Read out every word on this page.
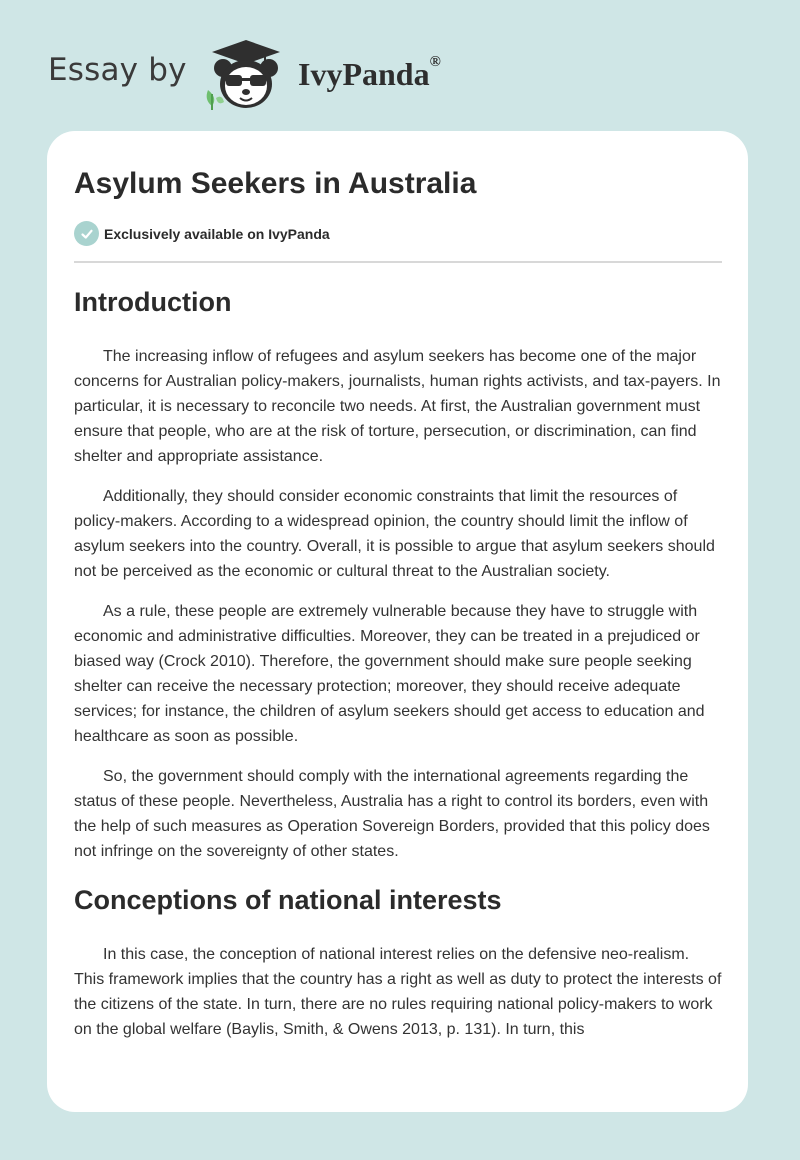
Essay by	IvyPanda®
Asylum Seekers in Australia
Exclusively available on IvyPanda
Introduction

The increasing inflow of refugees and asylum seekers has become one of the major concerns for Australian policy-makers, journalists, human rights activists, and tax-payers. In particular, it is necessary to reconcile two needs. At first, the Australian government must ensure that people, who are at the risk of torture, persecution, or discrimination, can find shelter and appropriate assistance.

Additionally, they should consider economic constraints that limit the resources of policy-makers. According to a widespread opinion, the country should limit the inflow of asylum seekers into the country. Overall, it is possible to argue that asylum seekers should not be perceived as the economic or cultural threat to the Australian society.

As a rule, these people are extremely vulnerable because they have to struggle with economic and administrative difficulties. Moreover, they can be treated in a prejudiced or biased way (Crock 2010). Therefore, the government should make sure people seeking shelter can receive the necessary protection; moreover, they should receive adequate services; for instance, the children of asylum seekers should get access to education and healthcare as soon as possible.

So, the government should comply with the international agreements regarding the status of these people. Nevertheless, Australia has a right to control its borders, even with the help of such measures as Operation Sovereign Borders, provided that this policy does not infringe on the sovereignty of other states.

Conceptions of national interests

In this case, the conception of national interest relies on the defensive neo-realism. This framework implies that the country has a right as well as duty to protect the interests of the citizens of the state. In turn, there are no rules requiring national policy-makers to work on the global welfare (Baylis, Smith, & Owens 2013, p. 131). In turn, this
